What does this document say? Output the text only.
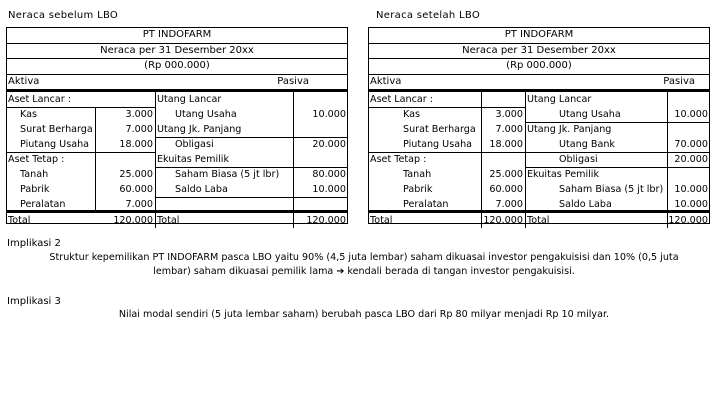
Neraca sebelum LBO	Neraca setelah LBO
PT INDOFARM
Neraca per 31 Desember 20xx
(Rp 000.000)
Aktiva	Pasiva
Aset Lancar :	Utang Lancar
Kas	3.000 Utang Usaha	10.000
Surat Berharga	7.000 Utang Jk. Panjang
Piutang Usaha	18.000 Obligasi	20.000
Aset Tetap :	Ekuitas Pemilik
Tanah	25.000 Saham Biasa (5 jt lbr)	80.000
Pabrik	60.000 Saldo Laba	10.000
Peralatan	7.000
Total	120.000 Total	120.000
PT INDOFARM
Neraca per 31 Desember 20xx
(Rp 000.000)
Aktiva	Pasiva
Aset Lancar :	Utang Lancar
Kas	3.000	Utang Usaha	10.000
Surat Berharga	7.000 Utang Jk. Panjang
Piutang Usaha	18.000	Utang Bank	70.000
Aset Tetap :	Obligasi	20.000
Tanah	25.000 Ekuitas Pemilik
Pabrik	60.000	Saham Biasa (5 jt lbr)	10.000
Peralatan	7.000	Saldo Laba	10.000
Total	120.000 Total	120.000
Implikasi 2
Struktur kepemilikan PT INDOFARM pasca LBO yaitu 90% (4,5 juta lembar) saham dikuasai investor pengakuisisi dan 10% (0,5 juta
lembar) saham dikuasai pemilik lama ➔ kendali berada di tangan investor pengakuisisi.
Implikasi 3
Nilai modal sendiri (5 juta lembar saham) berubah pasca LBO dari Rp 80 milyar menjadi Rp 10 milyar.
